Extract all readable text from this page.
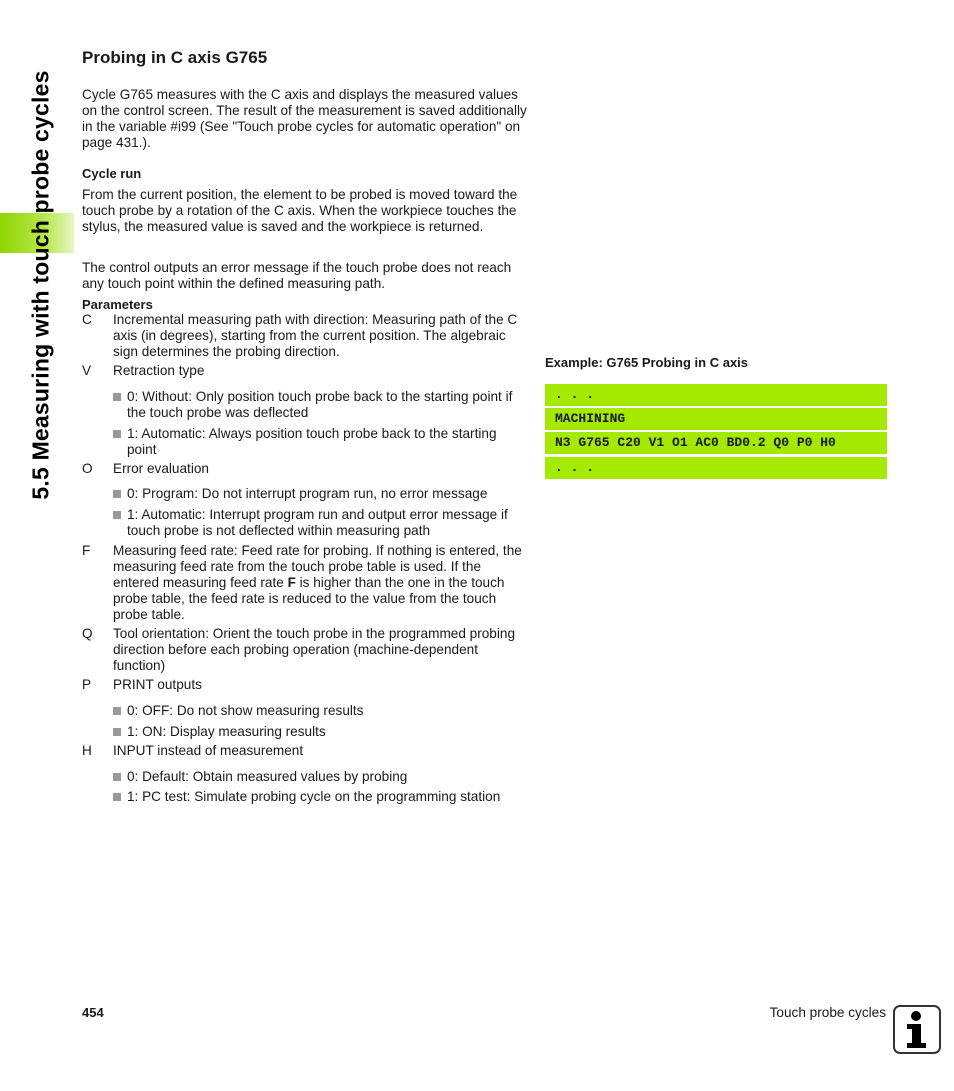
5.5 Measuring with touch probe cycles
Probing in C axis G765

Cycle G765 measures with the C axis and displays the measured values on the control screen. The result of the measurement is saved additionally in the variable #i99 (See "Touch probe cycles for automatic operation" on page 431.).

Cycle run

From the current position, the element to be probed is moved toward the touch probe by a rotation of the C axis. When the workpiece touches the stylus, the measured value is saved and the workpiece is returned.

The control outputs an error message if the touch probe does not reach any touch point within the defined measuring path.

Parameters
C Incremental measuring path with direction: Measuring path of the C axis (in degrees), starting from the current position. The algebraic sign determines the probing direction.
V Retraction type
0: Without: Only position touch probe back to the starting point if the touch probe was deflected
1: Automatic: Always position touch probe back to the starting point
O Error evaluation
0: Program: Do not interrupt program run, no error message
1: Automatic: Interrupt program run and output error message if touch probe is not deflected within measuring path
F Measuring feed rate: Feed rate for probing. If nothing is entered, the measuring feed rate from the touch probe table is used. If the entered measuring feed rate F is higher than the one in the touch probe table, the feed rate is reduced to the value from the touch probe table.
Q Tool orientation: Orient the touch probe in the programmed probing direction before each probing operation (machine-dependent function)
P PRINT outputs
0: OFF: Do not show measuring results
1: ON: Display measuring results
H INPUT instead of measurement
0: Default: Obtain measured values by probing
1: PC test: Simulate probing cycle on the programming station
Example: G765 Probing in C axis
. . .
MACHINING
N3 G765 C20 V1 O1 AC0 BD0.2 Q0 P0 H0
. . .
454	Touch probe cycles
